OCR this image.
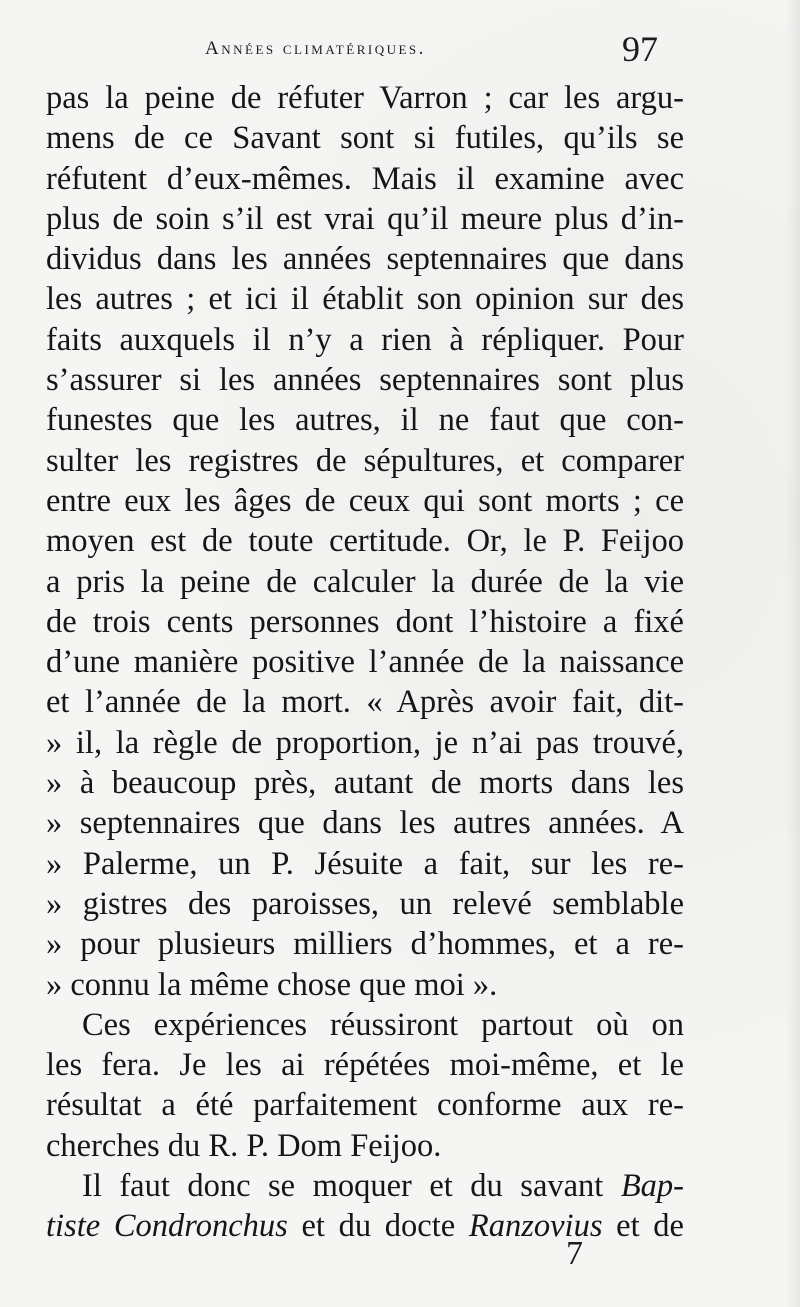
Années climatériques.	97
pas la peine de réfuter Varron ; car les argu-
mens de ce Savant sont si futiles, qu’ils se
réfutent d’eux-mêmes. Mais il examine avec
plus de soin s’il est vrai qu’il meure plus d’in-
dividus dans les années septennaires que dans
les autres ; et ici il établit son opinion sur des
faits auxquels il n’y a rien à répliquer. Pour
s’assurer si les années septennaires sont plus
funestes que les autres, il ne faut que con-
sulter les registres de sépultures, et comparer
entre eux les âges de ceux qui sont morts ; ce
moyen est de toute certitude. Or, le P. Feijoo
a pris la peine de calculer la durée de la vie
de trois cents personnes dont l’histoire a fixé
d’une manière positive l’année de la naissance
et l’année de la mort. « Après avoir fait, dit-
» il, la règle de proportion, je n’ai pas trouvé,
» à beaucoup près, autant de morts dans les
» septennaires que dans les autres années. A
» Palerme, un P. Jésuite a fait, sur les re-
» gistres des paroisses, un relevé semblable
» pour plusieurs milliers d’hommes, et a re-
» connu la même chose que moi ».
Ces expériences réussiront partout où on
les fera. Je les ai répétées moi-même, et le
résultat a été parfaitement conforme aux re-
cherches du R. P. Dom Feijoo.
Il faut donc se moquer et du savant Bap-
tiste Condronchus et du docte Ranzovius et de
7
